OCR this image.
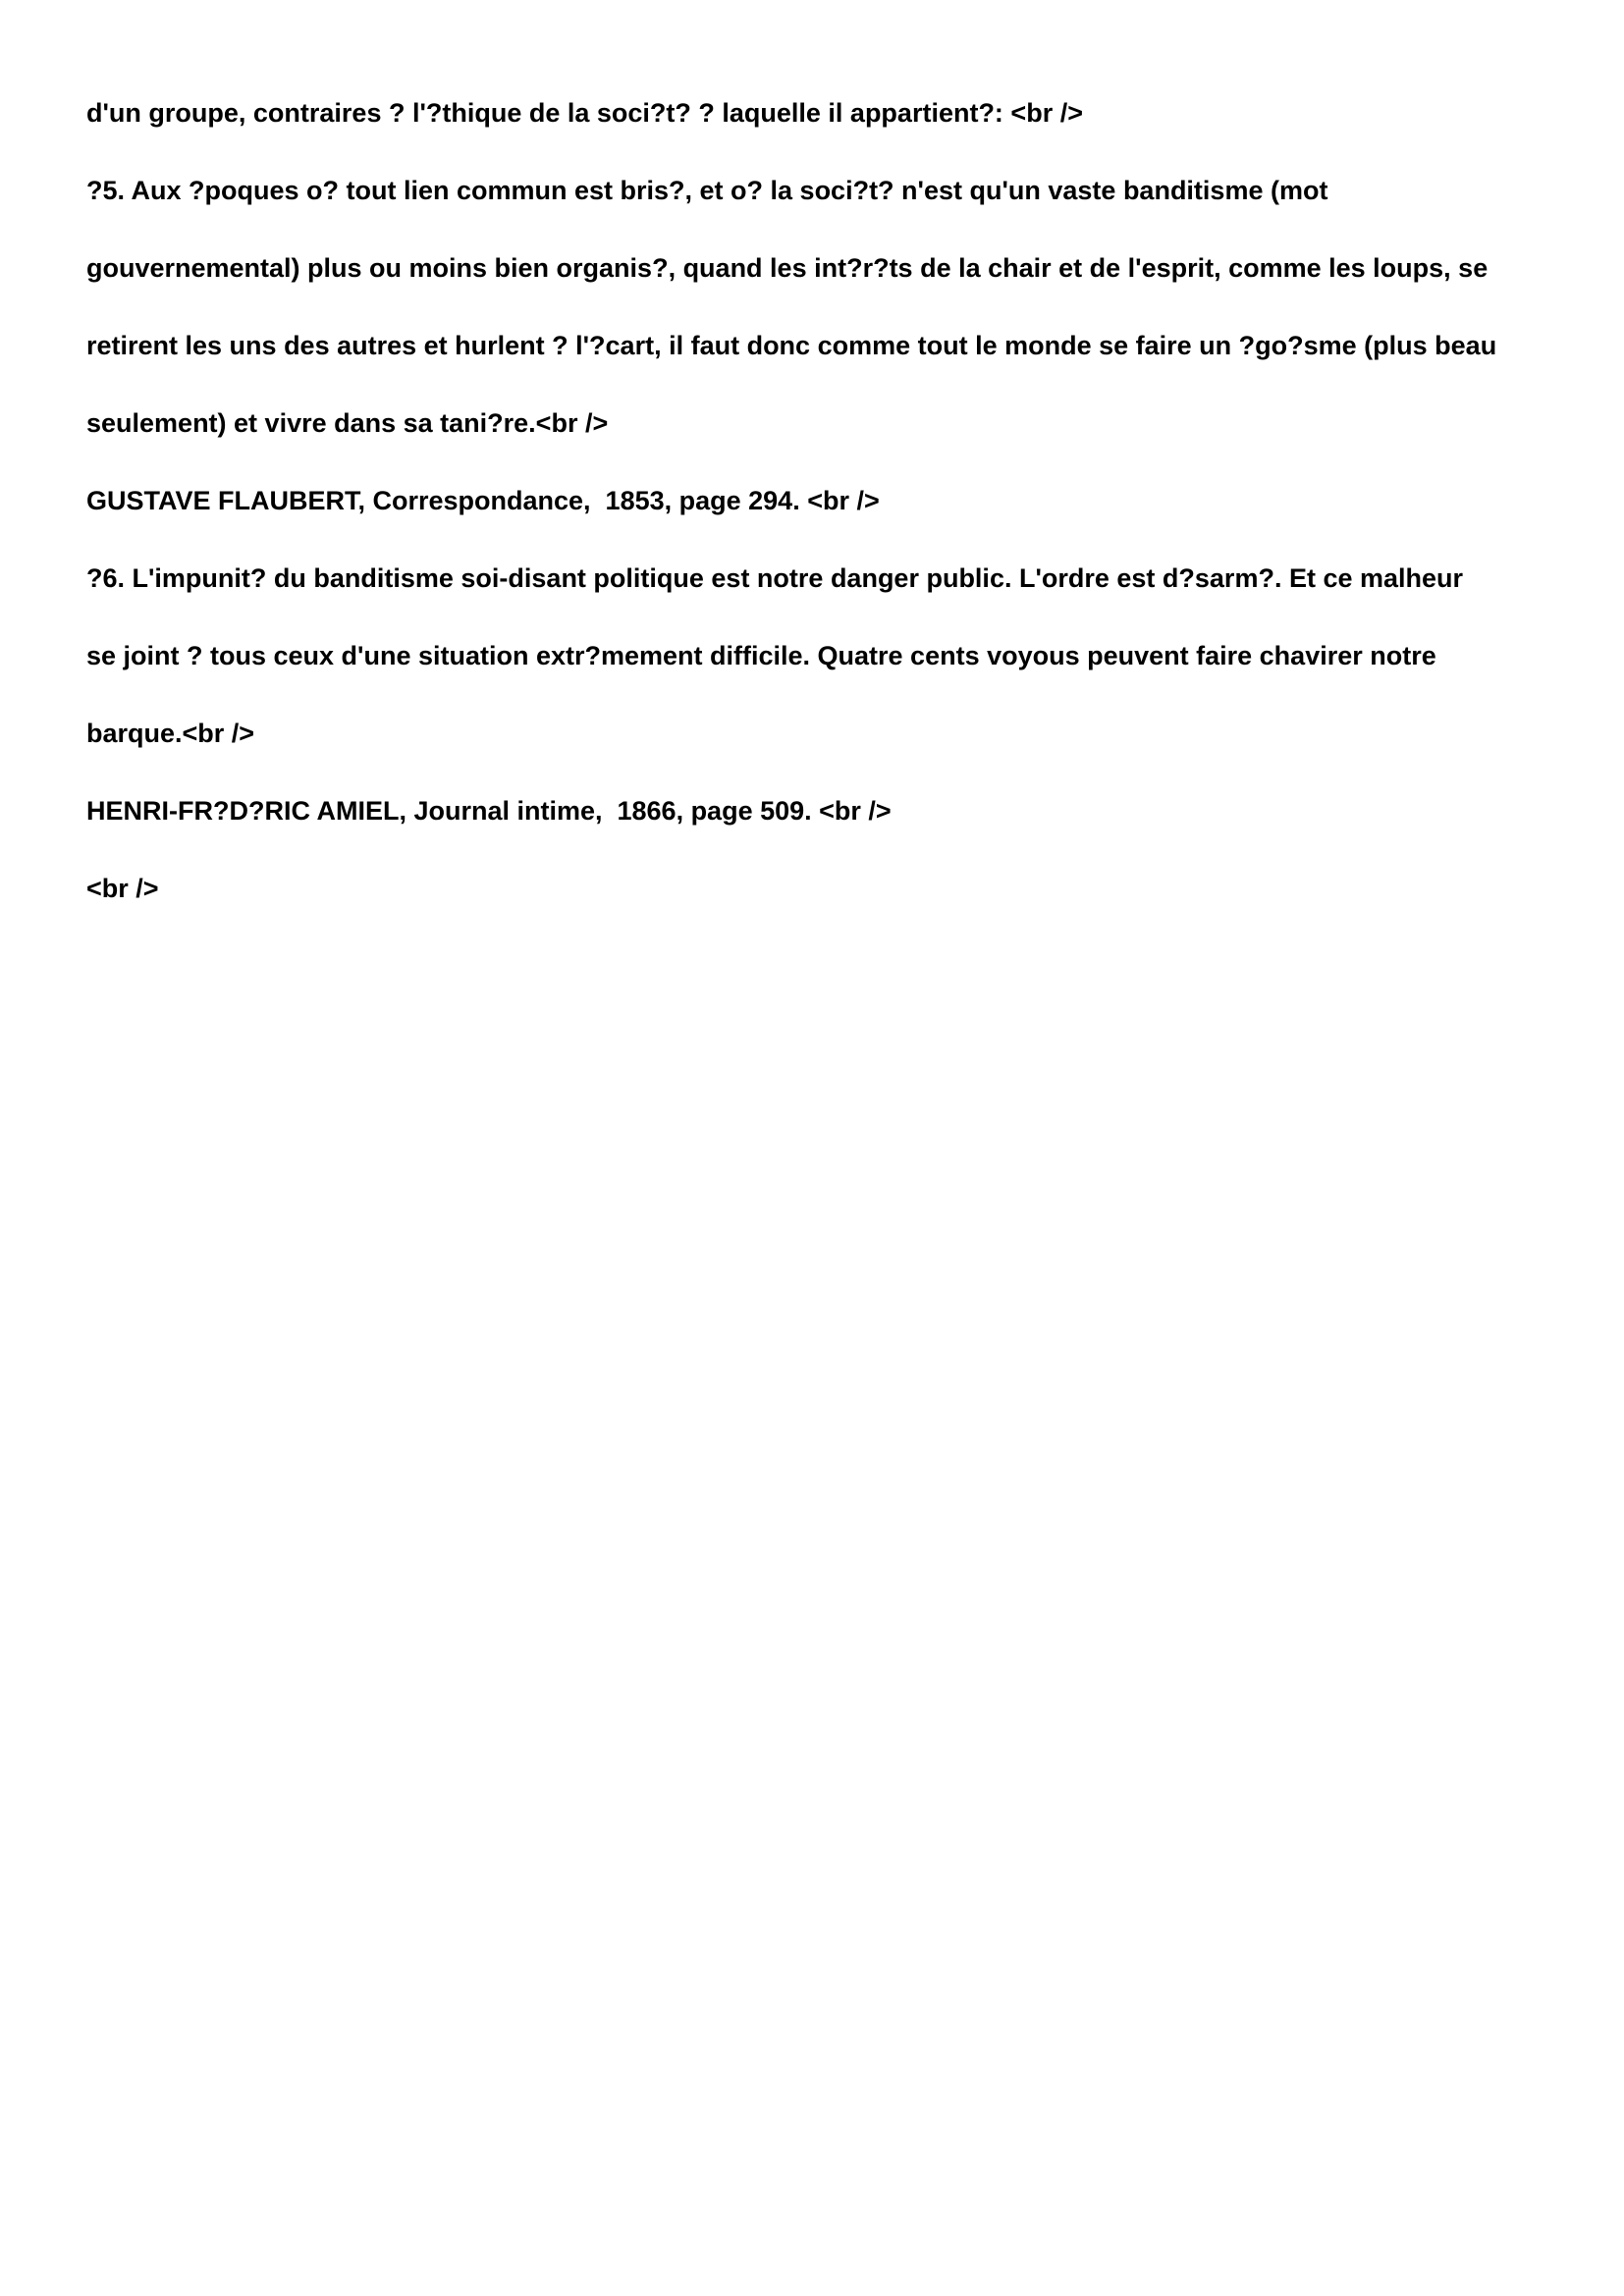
d'un groupe, contraires ? l'?thique de la soci?t? ? laquelle il appartient?: <br />
?5. Aux ?poques o? tout lien commun est bris?, et o? la soci?t? n'est qu'un vaste banditisme (mot
gouvernemental) plus ou moins bien organis?, quand les int?r?ts de la chair et de l'esprit, comme les loups, se
retirent les uns des autres et hurlent ? l'?cart, il faut donc comme tout le monde se faire un ?go?sme (plus beau
seulement) et vivre dans sa tani?re.<br />
GUSTAVE FLAUBERT, Correspondance,  1853, page 294. <br />
?6. L'impunit? du banditisme soi-disant politique est notre danger public. L'ordre est d?sarm?. Et ce malheur
se joint ? tous ceux d'une situation extr?mement difficile. Quatre cents voyous peuvent faire chavirer notre
barque.<br />
HENRI-FR?D?RIC AMIEL, Journal intime,  1866, page 509. <br />
<br />
